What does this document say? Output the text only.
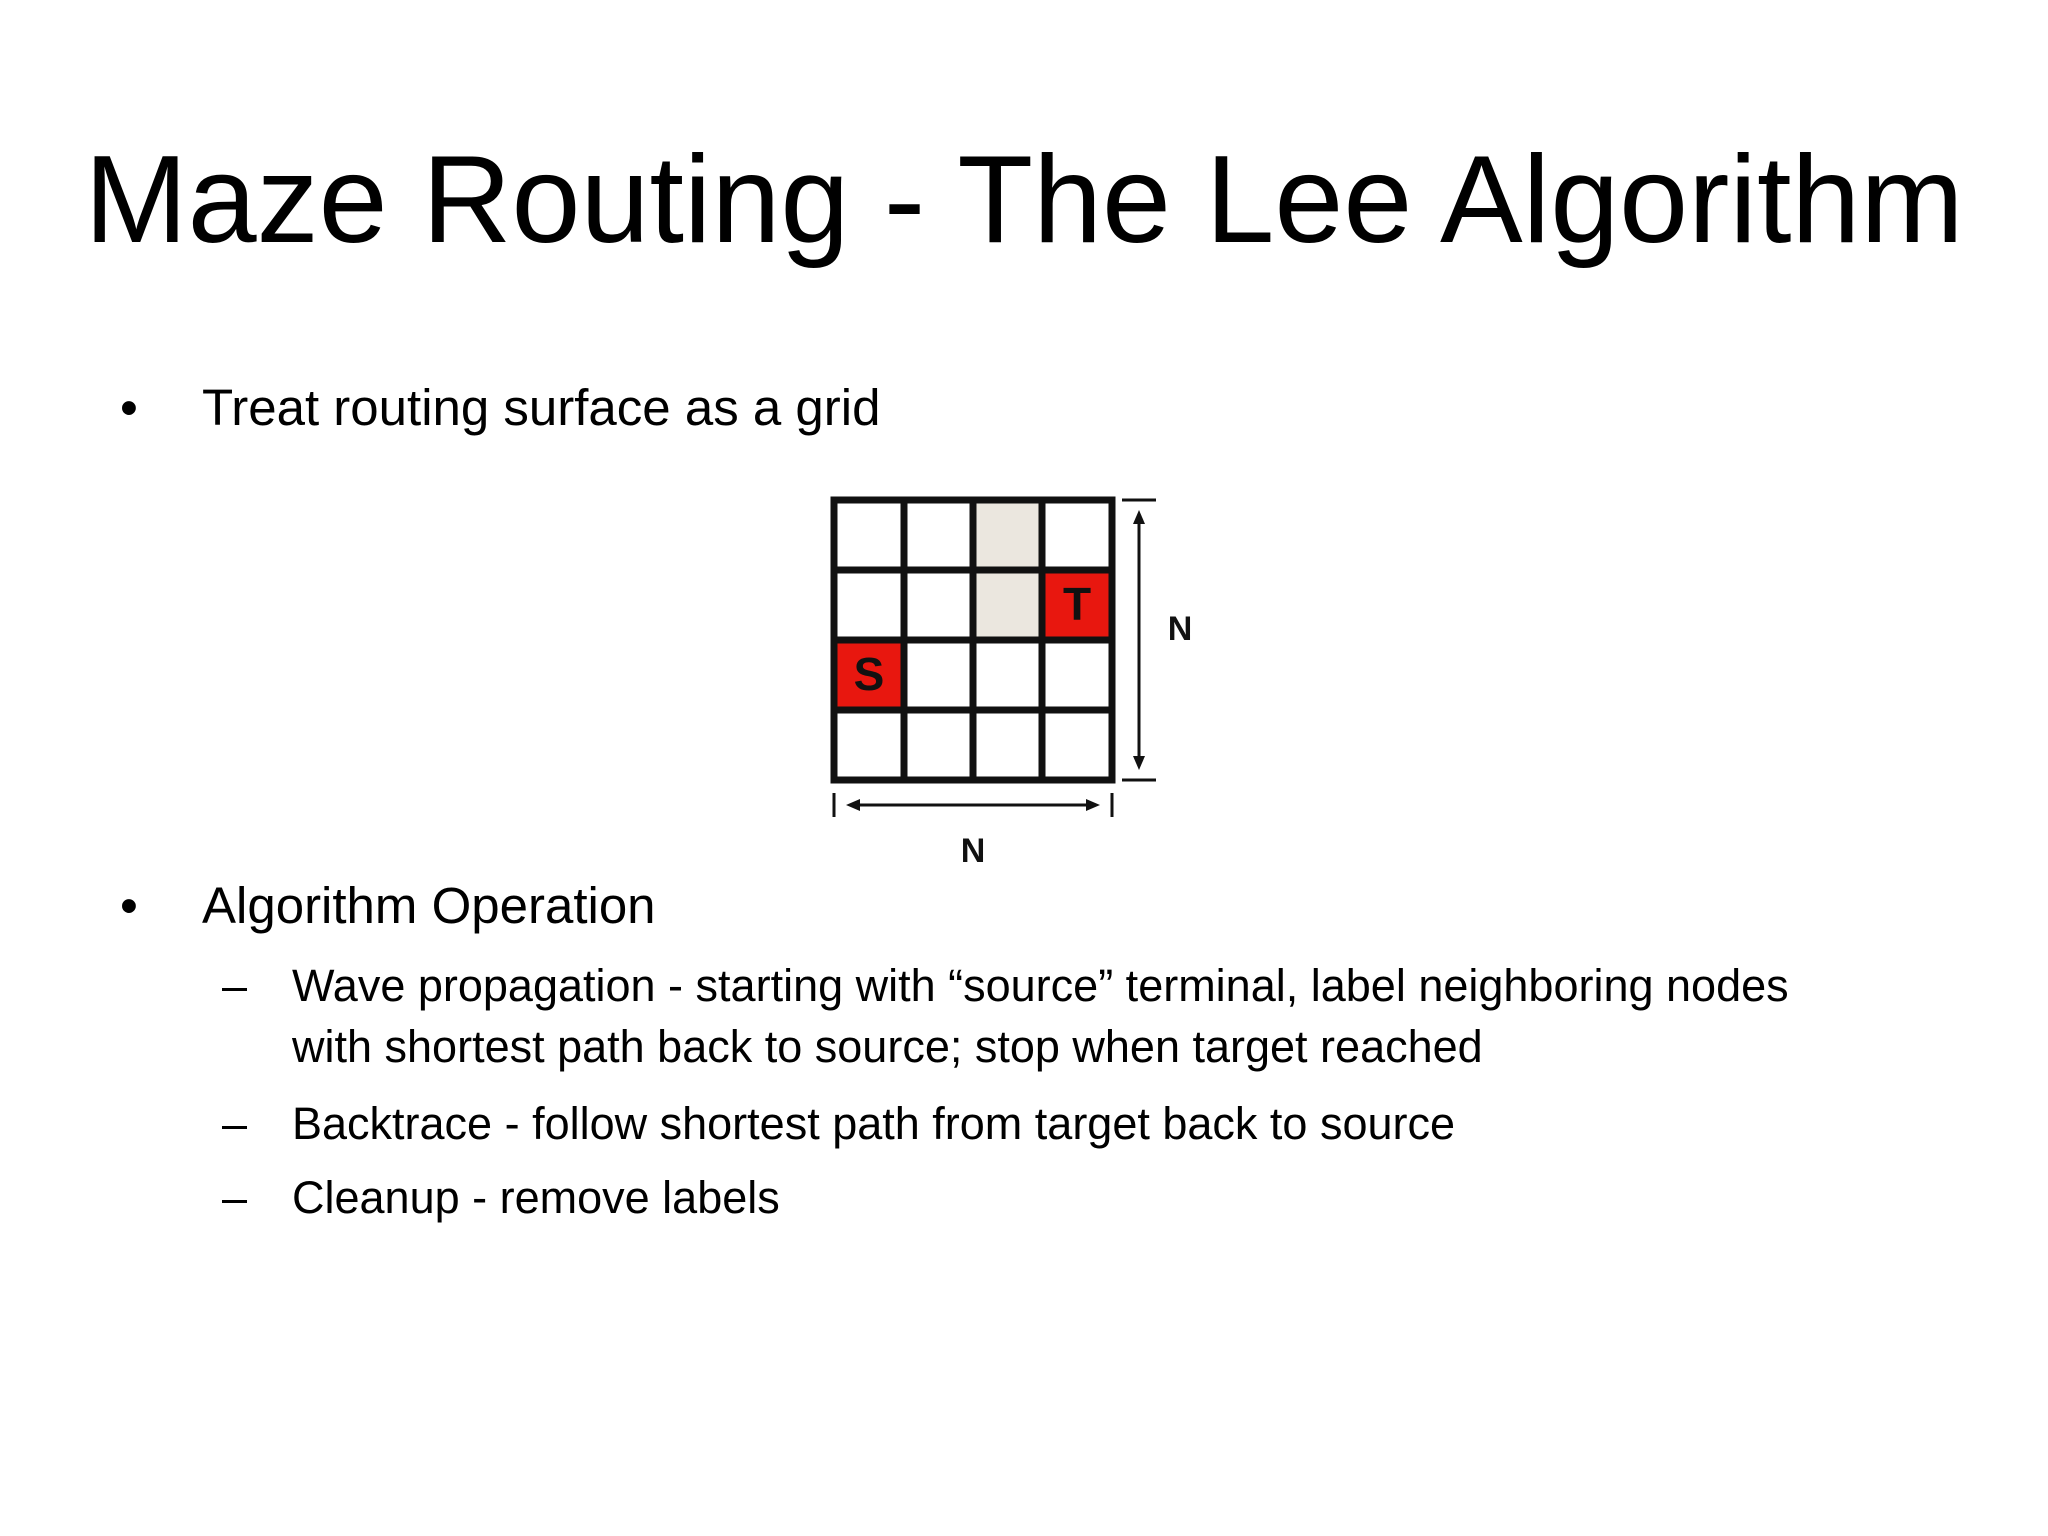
Maze Routing - The Lee Algorithm
•	Treat routing surface as a grid
T
S
N
N
•	Algorithm Operation
– Wave propagation - starting with “source” terminal, label neighboring nodes
with shortest path back to source; stop when target reached
– Backtrace - follow shortest path from target back to source
– Cleanup - remove labels
